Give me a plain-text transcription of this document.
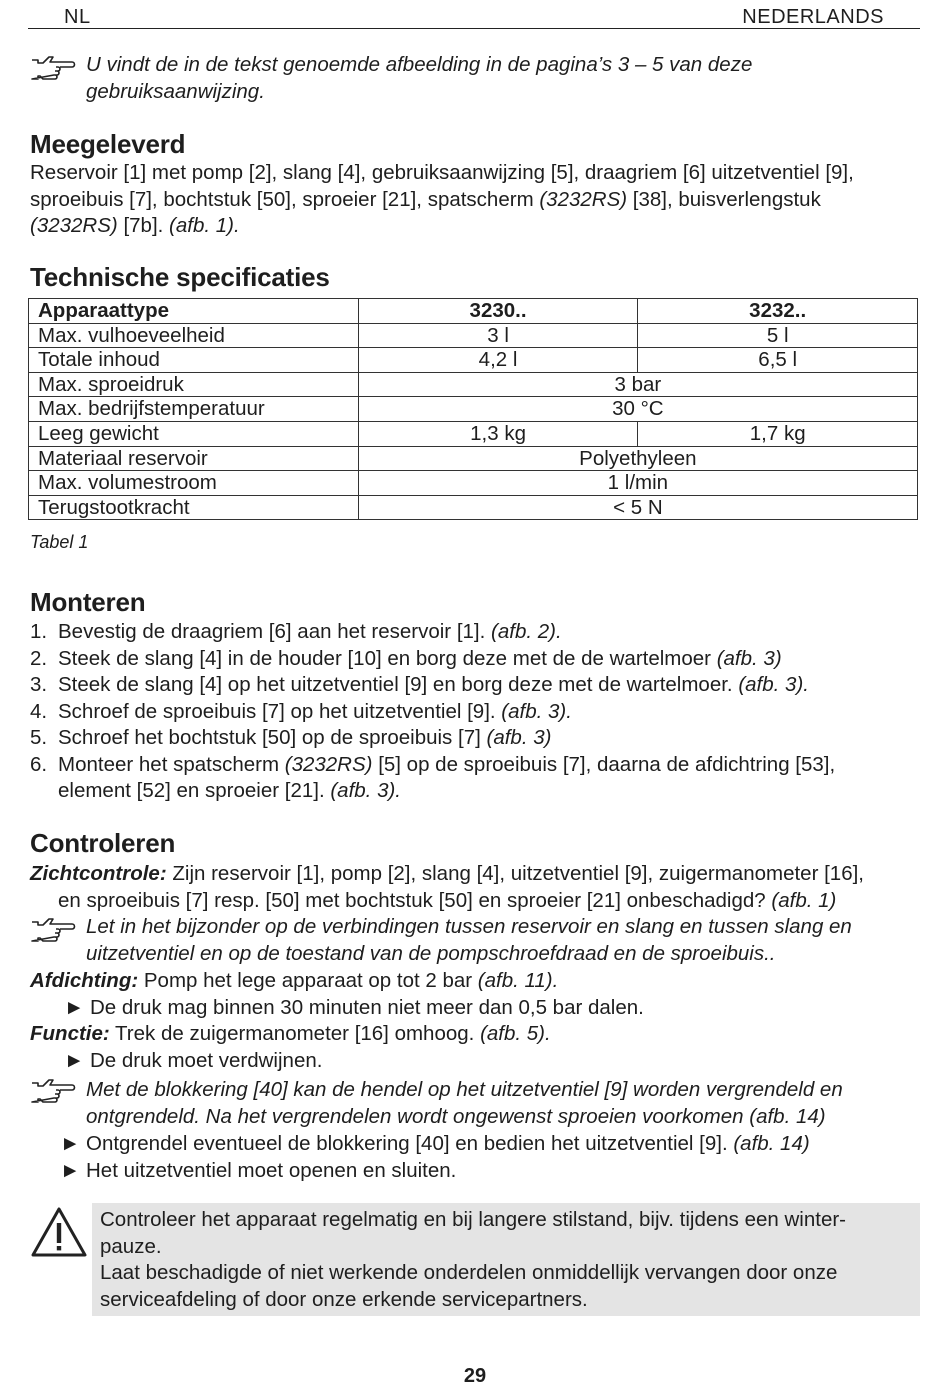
NL	NEDERLANDS
U vindt de in de tekst genoemde afbeelding in de pagina’s 3 – 5 van deze
gebruiksaanwijzing.
Meegeleverd
Reservoir [1] met pomp [2], slang [4], gebruiksaanwijzing [5], draagriem [6] uitzetventiel [9],
sproeibuis [7], bochtstuk [50], sproeier [21], spatscherm (3232RS) [38], buisverlengstuk
(3232RS) [7b]. (afb. 1).
Technische specificaties
Apparaattype	3230..	3232..
Max. vulhoeveelheid	3 l	5 l
Totale inhoud	4,2 l	6,5 l
Max. sproeidruk	3 bar	
Max. bedrijfstemperatuur	30 °C	
Leeg gewicht	1,3 kg	1,7 kg
Materiaal reservoir	Polyethyleen	
Max. volumestroom	1 l/min	
Terugstootkracht	< 5 N	
Tabel 1
Monteren
1. Bevestig de draagriem [6] aan het reservoir [1]. (afb. 2).
2. Steek de slang [4] in de houder [10] en borg deze met de de wartelmoer (afb. 3)
3. Steek de slang [4] op het uitzetventiel [9] en borg deze met de wartelmoer. (afb. 3).
4. Schroef de sproeibuis [7] op het uitzetventiel [9]. (afb. 3).
5. Schroef het bochtstuk [50] op de sproeibuis [7] (afb. 3)
6. Monteer het spatscherm (3232RS) [5] op de sproeibuis [7], daarna de afdichtring [53],
element [52] en sproeier [21]. (afb. 3).
Controleren
Zichtcontrole: Zijn reservoir [1], pomp [2], slang [4], uitzetventiel [9], zuigermanometer [16],
en sproeibuis [7] resp. [50] met bochtstuk [50] en sproeier [21] onbeschadigd? (afb. 1)
Let in het bijzonder op de verbindingen tussen reservoir en slang en tussen slang en
uitzetventiel en op de toestand van de pompschroefdraad en de sproeibuis..
Afdichting: Pomp het lege apparaat op tot 2 bar (afb. 11).
► De druk mag binnen 30 minuten niet meer dan 0,5 bar dalen.
Functie: Trek de zuigermanometer [16] omhoog. (afb. 5).
► De druk moet verdwijnen.
Met de blokkering [40] kan de hendel op het uitzetventiel [9] worden vergrendeld en
ontgrendeld. Na het vergrendelen wordt ongewenst sproeien voorkomen (afb. 14)
► Ontgrendel eventueel de blokkering [40] en bedien het uitzetventiel [9]. (afb. 14)
► Het uitzetventiel moet openen en sluiten.
Controleer het apparaat regelmatig en bij langere stilstand, bijv. tijdens een winter-
pauze.
Laat beschadigde of niet werkende onderdelen onmiddellijk vervangen door onze
serviceafdeling of door onze erkende servicepartners.
29
